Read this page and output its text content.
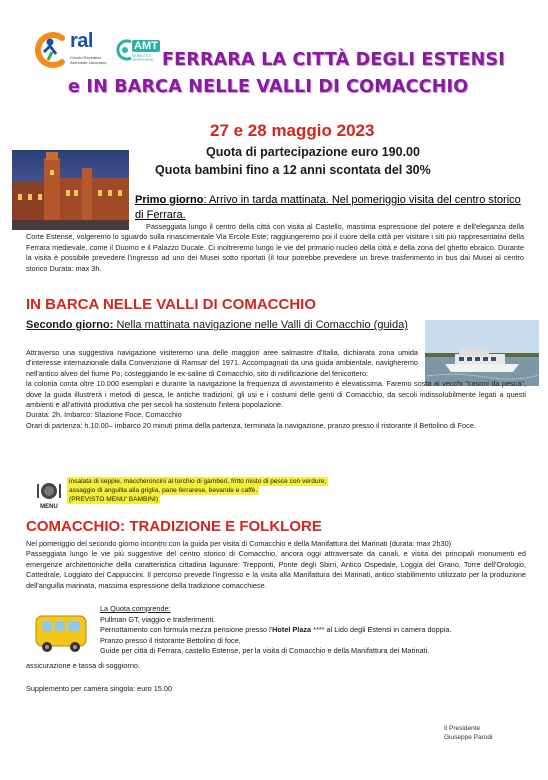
ral
Circolo Ricreativo Aziendale Lavoratori
AMT
MOBILITÀ E TERRITORIO FERRARA LA CITTÀ DEGLI ESTENSI
e IN BARCA NELLE VALLI DI COMACCHIO
27 e 28 maggio 2023
Quota di partecipazione euro 190.00
Quota bambini fino a 12 anni scontata del 30%
Primo giorno: Arrivo in tarda mattinata. Nel pomeriggio visita del centro storico di Ferrara.
Passeggiata lungo il centro della città con visita al Castello, massima espressione del potere e dell'eleganza della Corte Estense, volgeremo lo sguardo sulla rinascimentale Via Ercole Este; raggiungeremo poi il cuore della città per visitare i siti più rappresentativi della Ferrara medievale, come il Duomo e il Palazzo Ducale. Ci inoltreremo lungo le vie del primario nucleo della città e della zona del ghetto ebraico. Durante la visita è possibile prevedere l'ingresso ad uno dei Musei sotto riportati (il tour potrebbe prevedere un breve trasferimento in bus dai Musei al centro storico Durata: max 3h.
IN BARCA NELLE VALLI DI COMACCHIO
Secondo giorno: Nella mattinata navigazione nelle Valli di Comacchio (guida)
Attraverso una suggestiva navigazione visiteremo una delle maggiori aree salmastre d'Italia, dichiarata zona umida d'interesse internazionale dalla Convenzione di Ramsar del 1971. Accompagnati da una guida ambientale, navigheremo nell'antico alveo del fiume Po, costeggiando le ex-saline di Comacchio, sito di nidificazione del fenicottero:
la colonia conta oltre 10.000 esemplari e durante la navigazione la frequenza di avvistamento è elevatissima. Faremo sosta ai vecchi "casoni da pesca", dove la guida illustrerà i metodi di pesca, le antiche tradizioni, gli usi e i costumi delle genti di Comacchio, da secoli indissolubilmente legati a questi ambienti e all'attività produttiva che per secoli ha sostenuto l'intera popolazione.
Durata: 2h. Imbarco: Stazione Foce, Comacchio
Orari di partenza: h.10.00– imbarco 20 minuti prima della partenza, terminata la navigazione, pranzo presso il ristorante Il Bettolino di Foce.
MENU
insalata di seppie, maccheroncini al torchio di gamberi, fritto misto di pesce con verdure,
assaggio di anguilla alla griglia, pane ferrarese, bevande e caffè.
(PREVISTO MENU' BAMBINI)
COMACCHIO: TRADIZIONE E FOLKLORE
Nel pomeriggio del secondo giorno incontro con la guida per visita di Comacchio e della Manifattura dei Marinati (durata: max 2h30)
Passeggiata lungo le vie più suggestive del centro storico di Comacchio, ancora oggi attraversate da canali, e visita dei principali monumenti ed emergenze architettoniche della caratteristica cittadina lagunare: Trepponti, Ponte degli Sbirri, Antico Ospedale, Loggia del Grano, Torre dell'Orologio, Cattedrale, Loggiato dei Cappuccini. Il percorso prevede l'ingresso e la visita alla Manifattura dei Marinati, antico stabilimento utilizzato per la produzione dell'anguilla marinata, massima espressione della tradizione comacchiese.
La Quota comprende:
Pullman GT, viaggio e trasferimenti.
Pernottamento con formula mezza pensione presso l'Hotel Plaza **** al Lido degli Estensi in camera doppia.
Pranzo presso il ristorante Bettolino di foce,
Guide per città di Ferrara, castello Estense, per la visita di Comacchio e della Manifattura dei Marinati.
assicurazione e tassa di soggiorno.
Supplemento per camera singola: euro 15.00
Il Presidente
Giuseppe Parodi
